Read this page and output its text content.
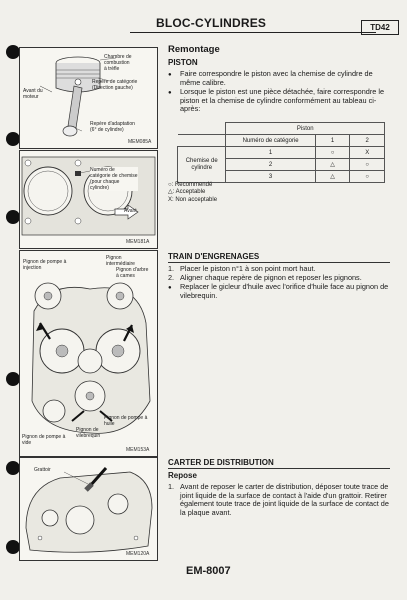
BLOC-CYLINDRES	TD42
Chambre de
combustion
à trèfle
Repère de catégorie
(Direction gauche)
Avant du
moteur
Repère d'adaptation
(6° de cylindre)
MEM085A
Numéro de
catégorie de chemise
(pour chaque
cylindre)
Avant
MEM181A
Pignon de pompe à
injection
Pignon
intermédiaire
Pignon d'arbre
à cames
Pignon de pompe à
huile
Pignon de pompe à
vide
Pignon de
vilebrequin
MEM153A
Grattoir
MEM120A
Remontage
PISTON
● Faire correspondre le piston avec la chemise de cylindre de même calibre.
● Lorsque le piston est une pièce détachée, faire correspondre le piston et la chemise de cylindre conformément au tableau ci-après:
	Piston		
	Numéro de catégorie	1	2
Chemise de
cylindre	1	○	X
	2	△	○
	3	△	○
○: Recommendé
△: Acceptable
X: Non acceptable
TRAIN D'ENGRENAGES
1. Placer le piston n°1 à son point mort haut.
2. Aligner chaque repère de pignon et reposer les pignons.
● Replacer le gicleur d'huile avec l'orifice d'huile face au pignon de vilebrequin.
CARTER DE DISTRIBUTION
Repose
1. Avant de reposer le carter de distribution, déposer toute trace de joint liquide de la surface de contact à l'aide d'un grattoir. Retirer également toute trace de joint liquide de la surface de contact de la plaque avant.
EM-8007
